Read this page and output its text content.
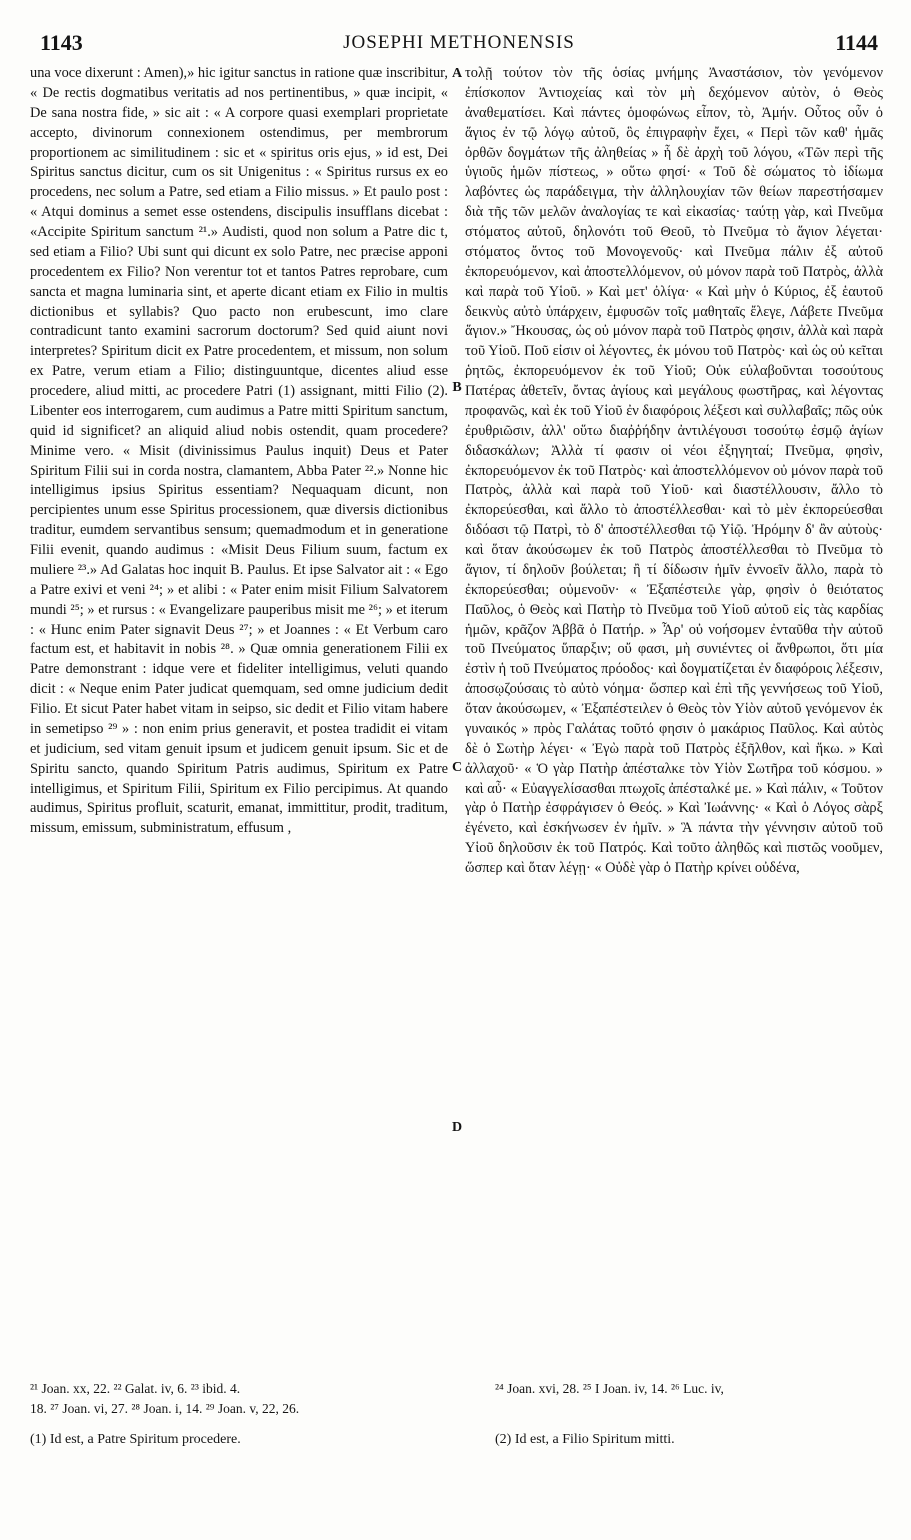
1143	JOSEPHI METHONENSIS	1144

una voce dixerunt : Amen),» hic igitur sanctus in ratione quæ inscribitur, « De rectis dogmatibus veritatis ad nos pertinentibus, » quæ incipit, « De sana nostra fide, » sic ait : « A corpore quasi exemplari proprietate accepto, divinorum connexionem ostendimus, per membrorum proportionem ac similitudinem : sic et « spiritus oris ejus, » id est, Dei Spiritus sanctus dicitur, cum os sit Unigenitus : « Spiritus rursus ex eo procedens, nec solum a Patre, sed etiam a Filio missus. » Et paulo post : « Atqui dominus a semet esse ostendens, discipulis insufflans dicebat : «Accipite Spiritum sanctum ²¹.» Audisti, quod non solum a Patre dic t, sed etiam a Filio? Ubi sunt qui dicunt ex solo Patre, nec præcise apponi procedentem ex Filio? Non verentur tot et tantos Patres reprobare, cum sancta et magna luminaria sint, et aperte dicant etiam ex Filio in multis dictionibus et syllabis? Quo pacto non erubescunt, imo clare contradicunt tanto examini sacrorum doctorum? Sed quid aiunt novi interpretes? Spiritum dicit ex Patre procedentem, et missum, non solum ex Patre, verum etiam a Filio; distinguuntque, dicentes aliud esse procedere, aliud mitti, ac procedere Patri (1) assignant, mitti Filio (2). Libenter eos interrogarem, cum audimus a Patre mitti Spiritum sanctum, quid id significet? an aliquid aliud nobis ostendit, quam procedere? Minime vero. « Misit (divinissimus Paulus inquit) Deus et Pater Spiritum Filii sui in corda nostra, clamantem, Abba Pater ²².» Nonne hic intelligimus ipsius Spiritus essentiam? Nequaquam dicunt, non percipientes unum esse Spiritus processionem, quæ diversis dictionibus traditur, eumdem servantibus sensum; quemadmodum et in generatione Filii evenit, quando audimus : «Misit Deus Filium suum, factum ex muliere ²³.» Ad Galatas hoc inquit B. Paulus. Et ipse Salvator ait : « Ego a Patre exivi et veni ²⁴; » et alibi : « Pater enim misit Filium Salvatorem mundi ²⁵; » et rursus : « Evangelizare pauperibus misit me ²⁶; » et iterum : « Hunc enim Pater signavit Deus ²⁷; » et Joannes : « Et Verbum caro factum est, et habitavit in nobis ²⁸. » Quæ omnia generationem Filii ex Patre demonstrant : idque vere et fideliter intelligimus, veluti quando dicit : « Neque enim Pater judicat quemquam, sed omne judicium dedit Filio. Et sicut Pater habet vitam in seipso, sic dedit et Filio vitam habere in semetipso ²⁹ » : non enim prius generavit, et postea tradidit ei vitam et judicium, sed vitam genuit ipsum et judicem genuit ipsum. Sic et de Spiritu sancto, quando Spiritum Patris audimus, Spiritum ex Patre intelligimus, et Spiritum Filii, Spiritum ex Filio percipimus. At quando audimus, Spiritus profluit, scaturit, emanat, immittitur, prodit, traditum, missum, emissum, subministratum, effusum ,

A
B
C
D

τολῇ τούτον τὸν τῆς ὁσίας μνήμης Ἀναστάσιον, τὸν γενόμενον ἐπίσκοπον Ἀντιοχείας καὶ τὸν μὴ δεχόμενον αὐτὸν, ὁ Θεὸς ἀναθεματίσει. Καὶ πάντες ὁμοφώνως εἶπον, τὸ, Ἀμήν. Οὗτος οὖν ὁ ἅγιος ἐν τῷ λόγῳ αὐτοῦ, ὃς ἐπιγραφὴν ἔχει, « Περὶ τῶν καθ' ἡμᾶς ὀρθῶν δογμάτων τῆς ἀληθείας » ἧ δὲ ἀρχὴ τοῦ λόγου, «Τῶν περὶ τῆς ὑγιοῦς ἡμῶν πίστεως, » οὕτω φησί· « Τοῦ δὲ σώματος τὸ ἰδίωμα λαβόντες ὡς παράδειγμα, τὴν ἀλληλουχίαν τῶν θείων παρεστήσαμεν διὰ τῆς τῶν μελῶν ἀναλογίας τε καὶ εἰκασίας· ταύτῃ γὰρ, καὶ Πνεῦμα στόματος αὐτοῦ, δηλονότι τοῦ Θεοῦ, τὸ Πνεῦμα τὸ ἅγιον λέγεται· στόματος ὄντος τοῦ Μονογενοῦς· καὶ Πνεῦμα πάλιν ἐξ αὐτοῦ ἐκπορευόμενον, καὶ ἀποστελλόμενον, οὐ μόνον παρὰ τοῦ Πατρὸς, ἀλλὰ καὶ παρὰ τοῦ Υἱοῦ. » Καὶ μετ' ὀλίγα· « Καὶ μὴν ὁ Κύριος, ἐξ ἑαυτοῦ δεικνὺς αὐτὸ ὑπάρχειν, ἐμφυσῶν τοῖς μαθηταῖς ἔλεγε, Λάβετε Πνεῦμα ἅγιον.» Ἤκουσας, ὡς οὐ μόνον παρὰ τοῦ Πατρὸς φησιν, ἀλλὰ καὶ παρὰ τοῦ Υἱοῦ. Ποῦ εἰσιν οἱ λέγοντες, ἐκ μόνου τοῦ Πατρὸς· καὶ ὡς οὐ κεῖται ῥητῶς, ἐκπορευόμενον ἐκ τοῦ Υἱοῦ; Οὐκ εὐλαβοῦνται τοσούτους Πατέρας ἀθετεῖν, ὄντας ἁγίους καὶ μεγάλους φωστῆρας, καὶ λέγοντας προφανῶς, καὶ ἐκ τοῦ Υἱοῦ ἐν διαφόροις λέξεσι καὶ συλλαβαῖς; πῶς οὐκ ἐρυθριῶσιν, ἀλλ' οὕτω διαῤῥήδην ἀντιλέγουσι τοσούτῳ ἐσμῷ ἁγίων διδασκάλων; Ἀλλὰ τί φασιν οἱ νέοι ἐξηγηταί; Πνεῦμα, φησὶν, ἐκπορευόμενον ἐκ τοῦ Πατρὸς· καὶ ἀποστελλόμενον οὐ μόνον παρὰ τοῦ Πατρὸς, ἀλλὰ καὶ παρὰ τοῦ Υἱοῦ· καὶ διαστέλλουσιν, ἄλλο τὸ ἐκπορεύεσθαι, καὶ ἄλλο τὸ ἀποστέλλεσθαι· καὶ τὸ μὲν ἐκπορεύεσθαι διδόασι τῷ Πατρὶ, τὸ δ' ἀποστέλλεσθαι τῷ Υἱῷ. Ἠρόμην δ' ἂν αὐτοὺς· καὶ ὅταν ἀκούσωμεν ἐκ τοῦ Πατρὸς ἀποστέλλεσθαι τὸ Πνεῦμα τὸ ἅγιον, τί δηλοῦν βούλεται; ἢ τί δίδωσιν ἡμῖν ἐννοεῖν ἄλλο, παρὰ τὸ ἐκπορεύεσθαι; οὐμενοῦν· « Ἐξαπέστειλε γὰρ, φησὶν ὁ θειότατος Παῦλος, ὁ Θεὸς καὶ Πατὴρ τὸ Πνεῦμα τοῦ Υἱοῦ αὐτοῦ εἰς τὰς καρδίας ἡμῶν, κρᾶζον Ἀββᾶ ὁ Πατήρ. » Ἆρ' οὐ νοήσομεν ἐνταῦθα τὴν αὐτοῦ τοῦ Πνεύματος ὕπαρξιν; οὔ φασι, μὴ συνιέντες οἱ ἄνθρωποι, ὅτι μία ἐστὶν ἡ τοῦ Πνεύματος πρόοδος· καὶ δογματίζεται ἐν διαφόροις λέξεσιν, ἀποσῳζούσαις τὸ αὐτὸ νόημα· ὥσπερ καὶ ἐπὶ τῆς γεννήσεως τοῦ Υἱοῦ, ὅταν ἀκούσωμεν, « Ἐξαπέστειλεν ὁ Θεὸς τὸν Υἱὸν αὐτοῦ γενόμενον ἐκ γυναικός » πρὸς Γαλάτας τοῦτό φησιν ὁ μακάριος Παῦλος. Καὶ αὐτὸς δὲ ὁ Σωτὴρ λέγει· « Ἐγὼ παρὰ τοῦ Πατρὸς ἐξῆλθον, καὶ ἥκω. » Καὶ ἀλλαχοῦ· « Ὁ γὰρ Πατὴρ ἀπέσταλκε τὸν Υἱὸν Σωτῆρα τοῦ κόσμου. » καὶ αὖ· « Εὐαγγελίσασθαι πτωχοῖς ἀπέσταλκέ με. » Καὶ πάλιν, « Τοῦτον γὰρ ὁ Πατὴρ ἐσφράγισεν ὁ Θεός. » Καὶ Ἰωάννης· « Καὶ ὁ Λόγος σὰρξ ἐγένετο, καὶ ἐσκήνωσεν ἐν ἡμῖν. » Ἃ πάντα τὴν γέννησιν αὐτοῦ τοῦ Υἱοῦ δηλοῦσιν ἐκ τοῦ Πατρός. Καὶ τοῦτο ἀληθῶς καὶ πιστῶς νοοῦμεν, ὥσπερ καὶ ὅταν λέγῃ· « Οὐδὲ γὰρ ὁ Πατὴρ κρίνει οὐδένα,

²¹ Joan. xx, 22. ²² Galat. iv, 6. ²³ ibid. 4.	²⁴ Joan. xvi, 28. ²⁵ I Joan. iv, 14. ²⁶ Luc. iv,
18. ²⁷ Joan. vi, 27. ²⁸ Joan. i, 14. ²⁹ Joan. v, 22, 26.
(1) Id est, a Patre Spiritum procedere.	(2) Id est, a Filio Spiritum mitti.
